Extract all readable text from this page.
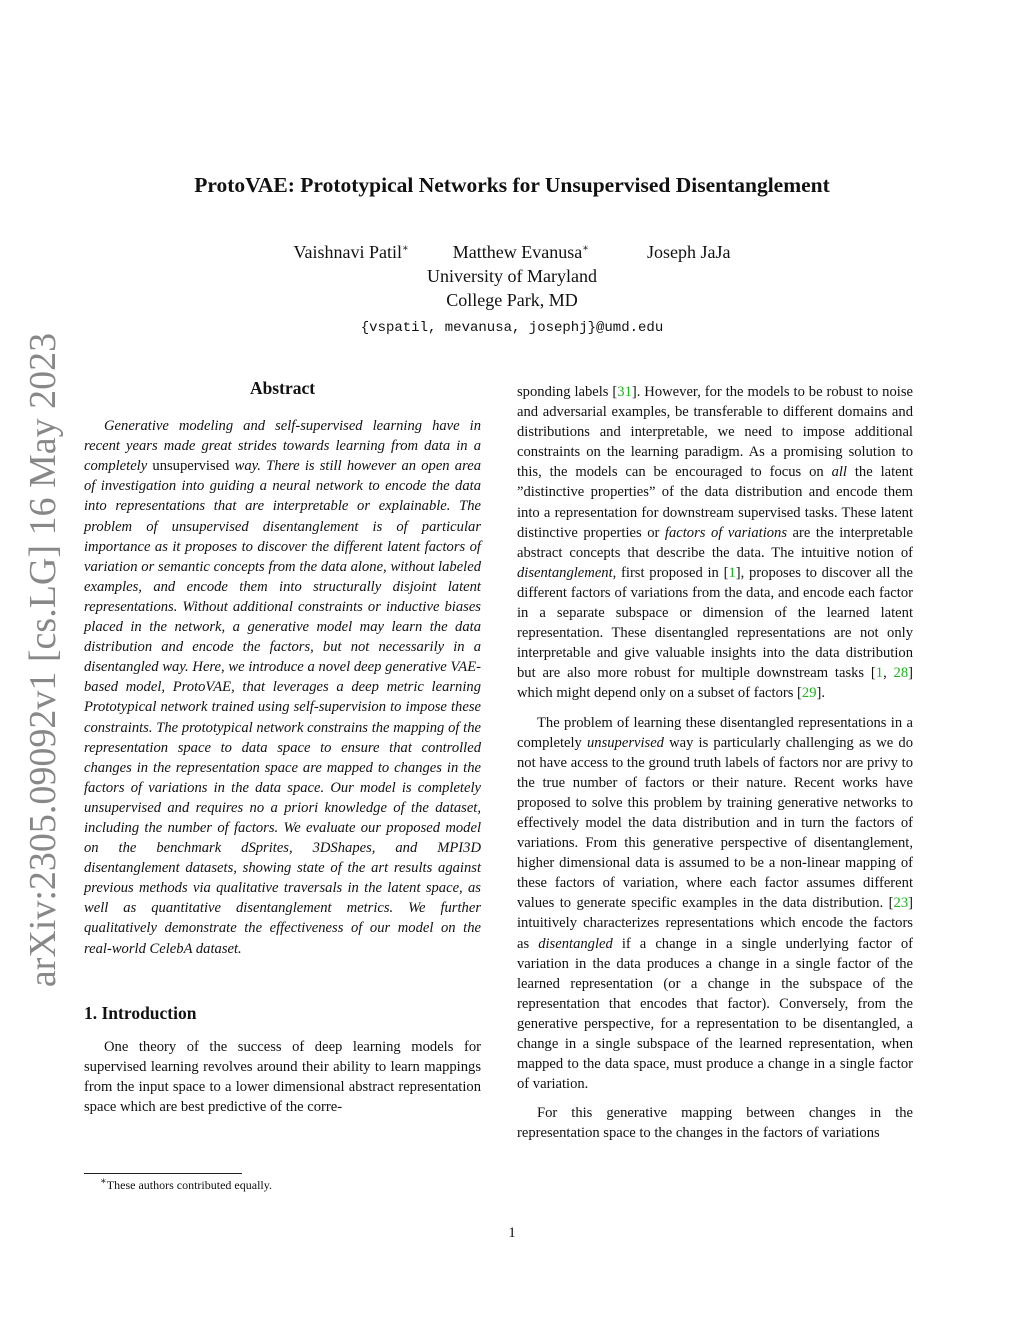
arXiv:2305.09092v1 [cs.LG] 16 May 2023
ProtoVAE: Prototypical Networks for Unsupervised Disentanglement
Vaishnavi Patil∗ Matthew Evanusa∗	Joseph JaJa
University of Maryland
College Park, MD
{vspatil, mevanusa, josephj}@umd.edu
Abstract

Generative modeling and self-supervised learning have in recent years made great strides towards learning from data in a completely unsupervised way. There is still however an open area of investigation into guiding a neural network to encode the data into representations that are interpretable or explainable. The problem of unsupervised disentanglement is of particular importance as it proposes to discover the different latent factors of variation or semantic concepts from the data alone, without labeled examples, and encode them into structurally disjoint latent representations. Without additional constraints or inductive biases placed in the network, a generative model may learn the data distribution and encode the factors, but not necessarily in a disentangled way. Here, we introduce a novel deep generative VAE-based model, ProtoVAE, that leverages a deep metric learning Prototypical network trained using self-supervision to impose these constraints. The prototypical network constrains the mapping of the representation space to data space to ensure that controlled changes in the representation space are mapped to changes in the factors of variations in the data space. Our model is completely unsupervised and requires no a priori knowledge of the dataset, including the number of factors. We evaluate our proposed model on the benchmark dSprites, 3DShapes, and MPI3D disentanglement datasets, showing state of the art results against previous methods via qualitative traversals in the latent space, as well as quantitative disentanglement metrics. We further qualitatively demonstrate the effectiveness of our model on the real-world CelebA dataset.

1. Introduction

One theory of the success of deep learning models for supervised learning revolves around their ability to learn mappings from the input space to a lower dimensional abstract representation space which are best predictive of the corre-

sponding labels [31]. However, for the models to be robust to noise and adversarial examples, be transferable to different domains and distributions and interpretable, we need to impose additional constraints on the learning paradigm. As a promising solution to this, the models can be encouraged to focus on all the latent ”distinctive properties” of the data distribution and encode them into a representation for downstream supervised tasks. These latent distinctive properties or factors of variations are the interpretable abstract concepts that describe the data. The intuitive notion of disentanglement, first proposed in [1], proposes to discover all the different factors of variations from the data, and encode each factor in a separate subspace or dimension of the learned latent representation. These disentangled representations are not only interpretable and give valuable insights into the data distribution but are also more robust for multiple downstream tasks [1, 28] which might depend only on a subset of factors [29].

The problem of learning these disentangled representations in a completely unsupervised way is particularly challenging as we do not have access to the ground truth labels of factors nor are privy to the true number of factors or their nature. Recent works have proposed to solve this problem by training generative networks to effectively model the data distribution and in turn the factors of variations. From this generative perspective of disentanglement, higher dimensional data is assumed to be a non-linear mapping of these factors of variation, where each factor assumes different values to generate specific examples in the data distribution. [23] intuitively characterizes representations which encode the factors as disentangled if a change in a single underlying factor of variation in the data produces a change in a single factor of the learned representation (or a change in the subspace of the representation that encodes that factor). Conversely, from the generative perspective, for a representation to be disentangled, a change in a single subspace of the learned representation, when mapped to the data space, must produce a change in a single factor of variation.

For this generative mapping between changes in the representation space to the changes in the factors of variations

∗These authors contributed equally.
1
